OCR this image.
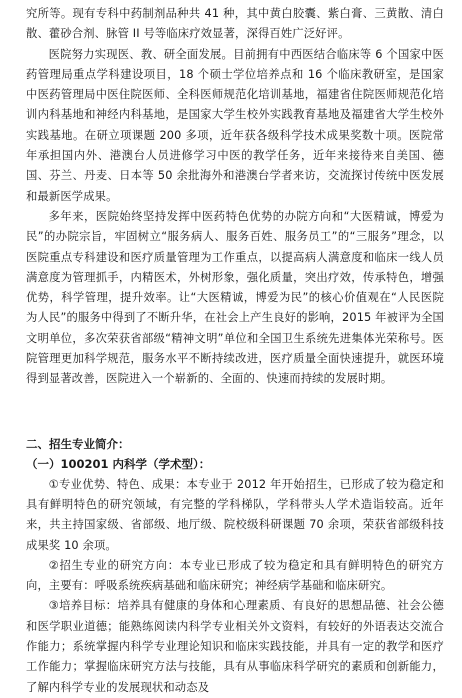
究所等。现有专科中药制剂品种共 41 种，其中黄白胶囊、紫白膏、三黄散、清白散、藿砂合剂、脉管 II 号等临床疗效显著，深得百姓广泛好评。

医院努力实现医、教、研全面发展。目前拥有中西医结合临床等 6 个国家中医药管理局重点学科建设项目，18 个硕士学位培养点和 16 个临床教研室，是国家中医药管理局中医住院医师、全科医师规范化培训基地，福建省住院医师规范化培训内科基地和神经内科基地，是国家大学生校外实践教育基地及福建省大学生校外实践基地。在研立项课题 200 多项，近年获各级科学技术成果奖数十项。医院常年承担国内外、港澳台人员进修学习中医的教学任务，近年来接待来自美国、德国、芬兰、丹麦、日本等 50 余批海外和港澳台学者来访，交流探讨传统中医发展和最新医学成果。

多年来，医院始终坚持发挥中医药特色优势的办院方向和“大医精诚，博爱为民”的办院宗旨，牢固树立“服务病人、服务百姓、服务员工”的“三服务”理念，以医院重点专科建设和医疗质量管理为工作重点，以提高病人满意度和临床一线人员满意度为管理抓手，内精医术，外树形象，强化质量，突出疗效，传承特色，增强优势，科学管理，提升效率。让“大医精诚，博爱为民”的核心价值观在“人民医院为人民”的服务中得到了不断升华，在社会上产生良好的影响，2015 年被评为全国文明单位，多次荣获省部级“精神文明”单位和全国卫生系统先进集体光荣称号。医院管理更加科学规范，服务水平不断持续改进，医疗质量全面快速提升，就医环境得到显著改善，医院进入一个崭新的、全面的、快速而持续的发展时期。

二、招生专业简介：

（一）100201 内科学（学术型）：

①专业优势、特色、成果：本专业于 2012 年开始招生，已形成了较为稳定和具有鲜明特色的研究领域，有完整的学科梯队，学科带头人学术造诣较高。近年来，共主持国家级、省部级、地厅级、院校级科研课题 70 余项，荣获省部级科技成果奖 10 余项。

②招生专业的研究方向：本专业已形成了较为稳定和具有鲜明特色的研究方向，主要有：呼吸系统疾病基础和临床研究；神经病学基础和临床研究。

③培养目标：培养具有健康的身体和心理素质、有良好的思想品德、社会公德和医学职业道德；能熟练阅读内科学专业相关外文资料，有较好的外语表达交流合作能力；系统掌握内科学专业理论知识和临床实践技能，并具有一定的教学和医疗工作能力；掌握临床研究方法与技能，具有从事临床科学研究的素质和创新能力，了解内科学专业的发展现状和动态及
